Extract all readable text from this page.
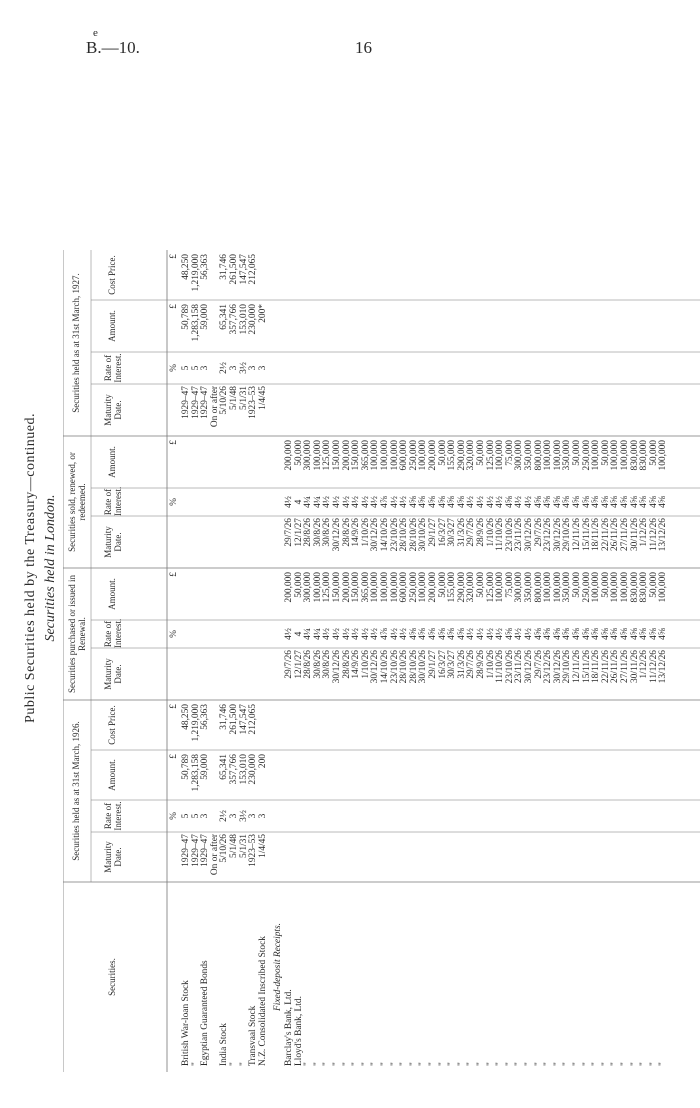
e
B.—10.	16
Public Securities held by the Treasury—continued. Securities held in London.
Securities.
Securities held as at 31st March, 1926.
Securities purchased or issued in Renewal.
Securities sold, renewed, or redeemed.
Securities held as at 31st March, 1927.
Maturity Date.
Rate of Interest.
Amount.
Cost Price.
Maturity Date.
Rate of Interest.
Amount.
Maturity Date.
Rate of Interest.
Amount.
Maturity Date.
Rate of Interest.
Amount.
Cost Price.
%
£
£
%
£
%
£
%
£
£
British War-loan Stock
1929–47
5
50,789
48,250
1929–47
5
50,789
48,250
"
1929–47
5
1,283,158
1,219,000
1929–47
5
1,283,158
1,219,000
Egyptian Guaranteed Bonds
1929–47
3
59,000
56,363
1929–47
3
59,000
56,363
On or after
On or after
India Stock
5/10/26
2½
65,341
31,746
5/10/26
2½
65,341
31,746
"
5/1/48
3
357,766
261,500
5/1/48
3
357,766
261,500
"
5/1/31
3½
153,010
147,547
5/1/31
3½
153,010
147,547
Transvaal Stock
1923–53
3
230,000
212,065
1923–53
3
230,000
212,065
N.Z. Consolidated Inscribed Stock
1/4/45
3
200
1/4/45
3
200*
Fixed-deposit Receipts.
Barclay's Bank, Ltd.
29/7/26
4½
200,000
29/7/26
4½
200,000
Lloyd's Bank, Ltd.
12/1/27
4
50,000
12/1/27
4
50,000
"
28/8/26
4¼
300,000
28/8/26
4¼
300,000
"
30/8/26
4¼
100,000
30/8/26
4¼
100,000
"
30/8/26
4½
125,000
30/8/26
4½
125,000
"
30/12/26
4½
150,000
30/12/26
4½
150,000
"
28/8/26
4½
200,000
28/8/26
4½
200,000
"
14/9/26
4½
150,000
14/9/26
4½
150,000
"
1/10/26
4½
365,000
1/10/26
4½
365,000
"
30/12/26
4½
100,000
30/12/26
4½
100,000
"
14/10/26
4⅞
100,000
14/10/26
4⅞
100,000
"
23/10/26
4½
100,000
23/10/26
4½
100,000
"
28/10/26
4½
600,000
28/10/26
4½
600,000
"
28/10/26
4⅝
250,000
28/10/26
4⅝
250,000
"
30/10/26
4⅝
100,000
30/10/26
4⅝
100,000
"
29/1/27
4⅝
200,000
29/1/27
4⅝
200,000
"
16/3/27
4⅝
50,000
16/3/27
4⅝
50,000
"
30/3/27
4⅝
155,000
30/3/27
4⅝
155,000
"
31/3/26
4⅝
290,000
31/3/26
4⅝
290,000
"
29/7/26
4½
320,000
29/7/26
4½
320,000
"
28/9/26
4½
50,000
28/9/26
4½
50,000
"
1/10/26
4½
125,000
1/10/26
4½
125,000
"
11/10/26
4½
100,000
11/10/26
4½
100,000
"
23/10/26
4⅝
75,000
23/10/26
4⅝
75,000
"
23/11/26
4½
300,000
23/11/26
4½
300,000
"
30/12/26
4½
350,000
30/12/26
4½
350,000
"
29/7/26
4⅝
800,000
29/7/26
4⅝
800,000
"
23/12/26
4⅝
100,000
23/12/26
4⅝
100,000
"
30/12/26
4⅝
100,000
30/12/26
4⅝
100,000
"
29/10/26
4⅝
350,000
29/10/26
4⅝
350,000
"
12/11/26
4⅝
50,000
12/11/26
4⅝
50,000
"
15/11/26
4⅝
250,000
15/11/26
4⅝
250,000
"
18/11/26
4⅝
100,000
18/11/26
4⅝
100,000
"
22/11/26
4⅝
50,000
22/11/26
4⅝
50,000
"
26/11/26
4⅝
100,000
26/11/26
4⅝
100,000
"
27/11/26
4⅝
100,000
27/11/26
4⅝
100,000
"
30/11/26
4⅝
830,000
30/11/26
4⅝
830,000
"
1/12/26
4⅝
830,000
1/12/26
4⅝
830,000
"
11/12/26
4⅝
50,000
11/12/26
4⅝
50,000
"
13/12/26
4⅝
100,000
13/12/26
4⅝
100,000
